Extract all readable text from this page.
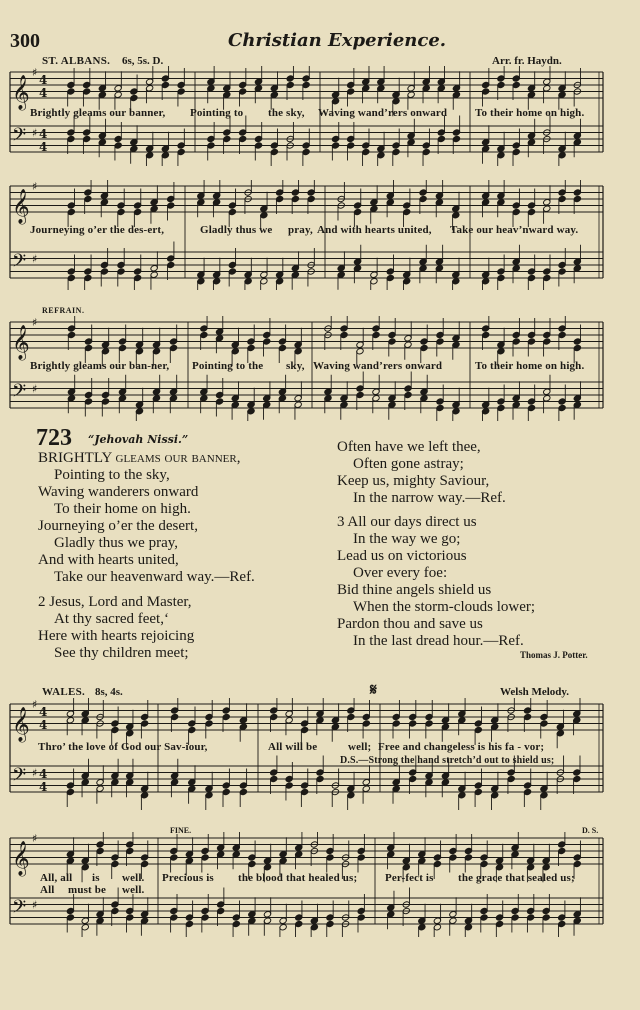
300	Christian Experience.
ST. ALBANS. 6s, 5s. D.	Arr. fr. Haydn.
𝄞
♯
4
4
𝄢 ♯ 4
4
Brightly gleams our banner, Pointing to the sky, Waving wand’rers onward	To their home on high.
𝄞
♯
𝄢 ♯
Journeying o’er the des-ert,	Gladly thus we pray, And with hearts united, Take our heav’nward way.
REFRAIN.
𝄞
♯
𝄢 ♯
Brightly gleams our ban-ner, Pointing to the sky, Waving wand’rers onward	To their home on high.
723 “Jehovah Nissi.”
BRIGHTLY gleams our banner,
Pointing to the sky,
Waving wanderers onward
To their home on high.
Journeying o’er the desert,
Gladly thus we pray,
And with hearts united,
Take our heavenward way.—Ref.
2 Jesus, Lord and Master,
At thy sacred feet,‘
Here with hearts rejoicing
See thy children meet;
Often have we left thee,
Often gone astray;
Keep us, mighty Saviour,
In the narrow way.—Ref.
3 All our days direct us
In the way we go;
Lead us on victorious
Over every foe:
Bid thine angels shield us
When the storm-clouds lower;
Pardon thou and save us
In the last dread hour.—Ref.
Thomas J. Potter.
WALES. 8s, 4s.	Welsh Melody.
𝄋
𝄞
♯
4
4
𝄢 ♯ 4
4
Thro’ the love of God our Sav-iour,	All will be	well; Free and changeless is his fa - vor;
D.S.—Strong the hand stretch’d out to shield us;
FINE.	D. S.
𝄞
♯
𝄢 ♯
All, all is well. Precious is the blood that healed us;	Per-fect is the grace that sealed us;
All must be well.
